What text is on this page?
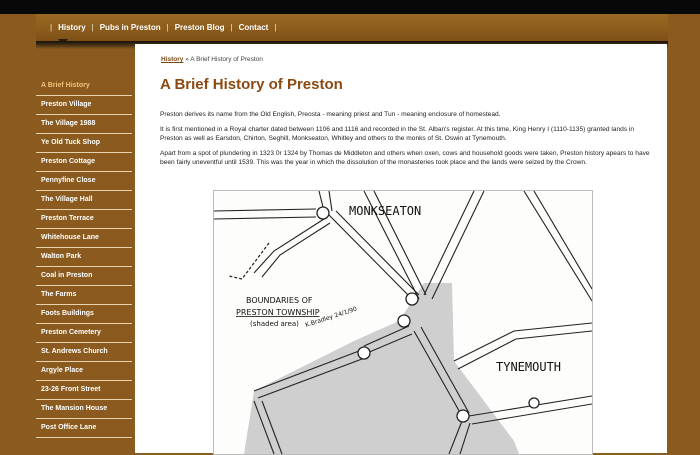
| History | Pubs in Preston | Preston Blog | Contact |
A Brief History
Preston Village
The Village 1988
Ye Old Tuck Shop
Preston Cottage
Pennyfine Close
The Village Hall
Preston Terrace
Whitehouse Lane
Walton Park
Coal in Preston
The Farms
Foots Buildings
Preston Cemetery
St. Andrews Church
Argyle Place
23-26 Front Street
The Mansion House
Post Office Lane
History » A Brief History of Preston
A Brief History of Preston

Preston derives its name from the Old English, Preosta - meaning priest and Tun - meaning enclosure of homestead.

It is first mentioned in a Royal charter dated between 1106 and 1116 and recorded in the St. Alban's register. At this time, King Henry I (1110-1135) granted lands in Preston as well as Earsdon, Chirton, Seghill, Monkseaton, Whitley and others to the monks of St. Oswin at Tynemouth.

Apart from a spot of plundering in 1323 0r 1324 by Thomas de Middleton and others when oxen, cows and household goods were taken, Preston history apears to have been fairly uneventful until 1539. This was the year in which the dissolution of the monasteries took place and the lands were seized by the Crown.

MONKSEATON
TYNEMOUTH
BOUNDARIES OF
PRESTON TOWNSHIP
(shaded area) K.Bradley 24/1/90
